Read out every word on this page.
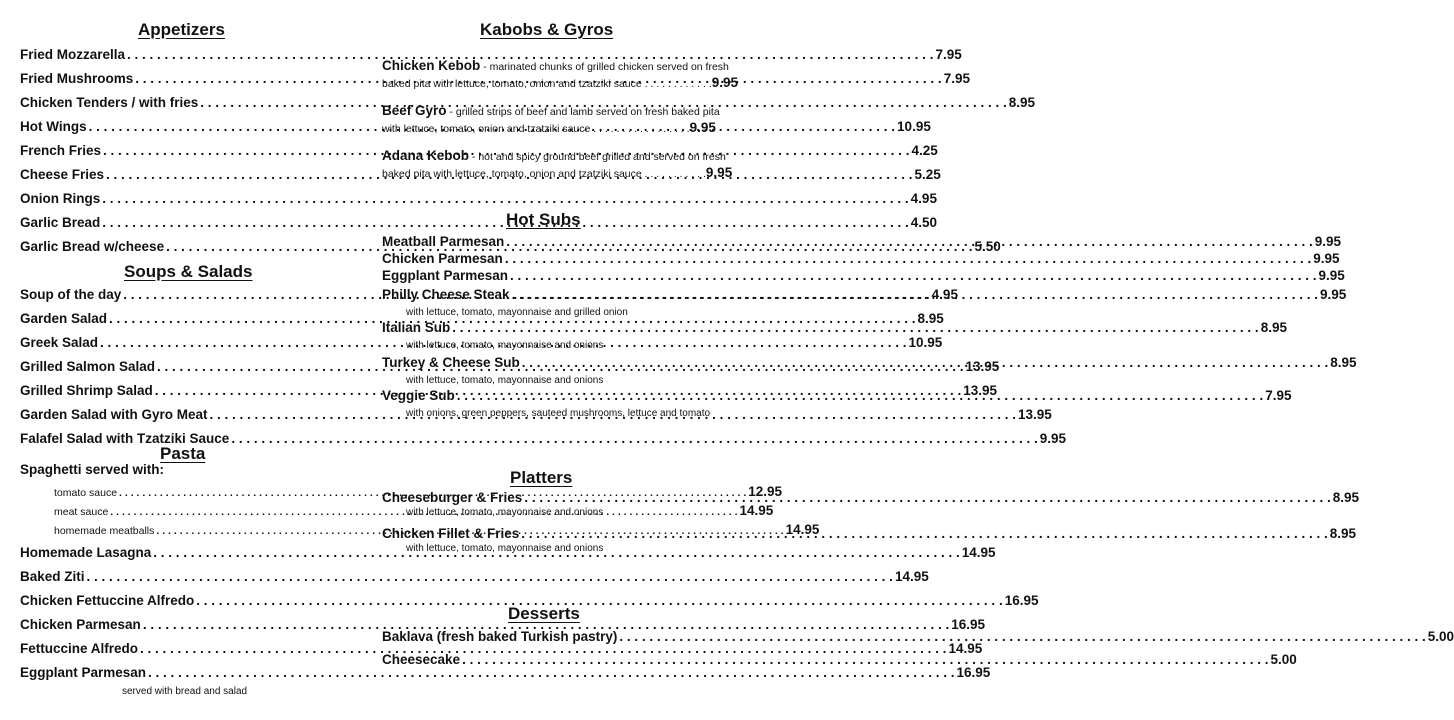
Appetizers
Fried Mozzarella . . .	7.95
Fried Mushrooms . . .	7.95
Chicken Tenders / with fries . . .	8.95
Hot Wings . . .	10.95
French Fries . . .	4.25
Cheese Fries . . .	5.25
Onion Rings . . .	4.95
Garlic Bread . . .	4.50
Garlic Bread w/cheese . . .	5.50
Soups & Salads
Soup of the day . . .	4.95
Garden Salad . . .	8.95
Greek Salad . . .	10.95
Grilled Salmon Salad . . .	13.95
Grilled Shrimp Salad . . .	13.95
Garden Salad with Gyro Meat . . .	13.95
Falafel Salad with Tzatziki Sauce . . .	9.95
Pasta
Spaghetti served with:
tomato sauce . . .	12.95
meat sauce . . .	14.95
homemade meatballs . . .	14.95
Homemade Lasagna . . .	14.95
Baked Ziti . . .	14.95
Chicken Fettuccine Alfredo . . .	16.95
Chicken Parmesan . . .	16.95
Fettuccine Alfredo . . .	14.95
Eggplant Parmesan . . .	16.95
served with bread and salad
Kabobs & Gyros
Chicken Kebob - marinated chunks of grilled chicken served on fresh
baked pita with lettuce, tomato, onion and tzatziki sauce . . . . . . . . . . . . 9.95
Beef Gyro - grilled strips of beef and lamb served on fresh baked pita
with lettuce, tomato, onion and tzatziki sauce . . . . . . . . . . . . . . . . . 9.95
Adana Kebob - hot and spicy ground beef grilled and served on fresh
baked pita with lettuce, tomato, onion and tzatziki sauce . . . . . . . . . . . 9.95
Hot Subs
Meatball Parmesan . . .	9.95
Chicken Parmesan . . .	9.95
Eggplant Parmesan . . .	9.95
Philly Cheese Steak . . .	9.95
with lettuce, tomato, mayonnaise and grilled onion
Italian Sub . . .	8.95
with lettuce, tomato, mayonnaise and onions
Turkey & Cheese Sub . . .	8.95
with lettuce, tomato, mayonnaise and onions
Veggie Sub . . .	7.95
with onions, green peppers, sauteed mushrooms, lettuce and tomato
Platters
Cheeseburger & Fries . . .	8.95
with lettuce, tomato, mayonnaise and onions
Chicken Fillet & Fries . . .	8.95
with lettuce, tomato, mayonnaise and onions
Desserts
Baklava (fresh baked Turkish pastry) . . .	5.00
Cheesecake . . .	5.00
